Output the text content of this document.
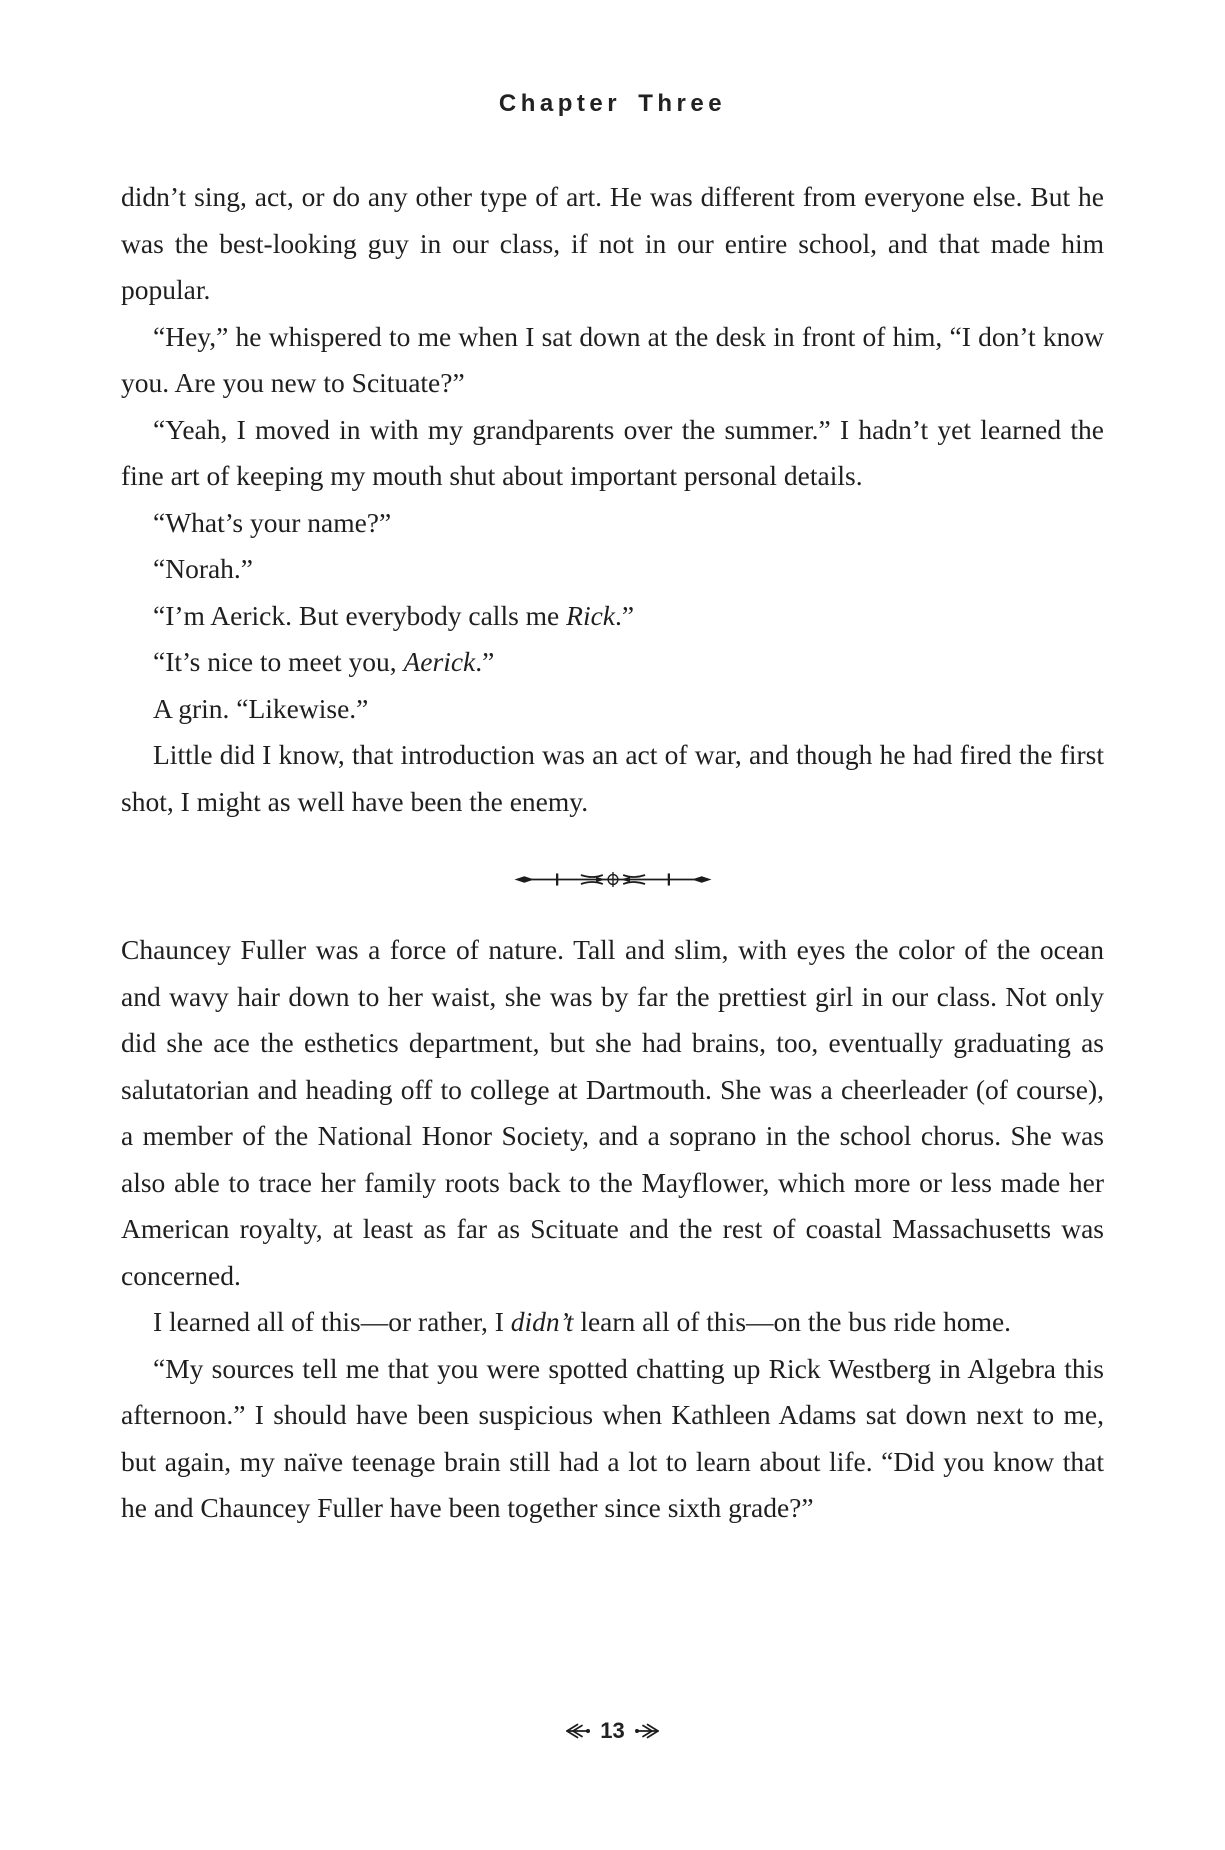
Chapter Three

didn’t sing, act, or do any other type of art. He was different from everyone else. But he was the best-looking guy in our class, if not in our entire school, and that made him popular.

“Hey,” he whispered to me when I sat down at the desk in front of him, “I don’t know you. Are you new to Scituate?”

“Yeah, I moved in with my grandparents over the summer.” I hadn’t yet learned the fine art of keeping my mouth shut about important personal details.

“What’s your name?”

“Norah.”

“I’m Aerick. But everybody calls me Rick.”

“It’s nice to meet you, Aerick.”

A grin. “Likewise.”

Little did I know, that introduction was an act of war, and though he had fired the first shot, I might as well have been the enemy.

Chauncey Fuller was a force of nature. Tall and slim, with eyes the color of the ocean and wavy hair down to her waist, she was by far the prettiest girl in our class. Not only did she ace the esthetics department, but she had brains, too, eventually graduating as salutatorian and heading off to college at Dartmouth. She was a cheerleader (of course), a member of the National Honor Society, and a soprano in the school chorus. She was also able to trace her family roots back to the Mayflower, which more or less made her American royalty, at least as far as Scituate and the rest of coastal Massachusetts was concerned.

I learned all of this—or rather, I didn’t learn all of this—on the bus ride home.

“My sources tell me that you were spotted chatting up Rick Westberg in Algebra this afternoon.” I should have been suspicious when Kathleen Adams sat down next to me, but again, my naïve teenage brain still had a lot to learn about life. “Did you know that he and Chauncey Fuller have been together since sixth grade?”

13
